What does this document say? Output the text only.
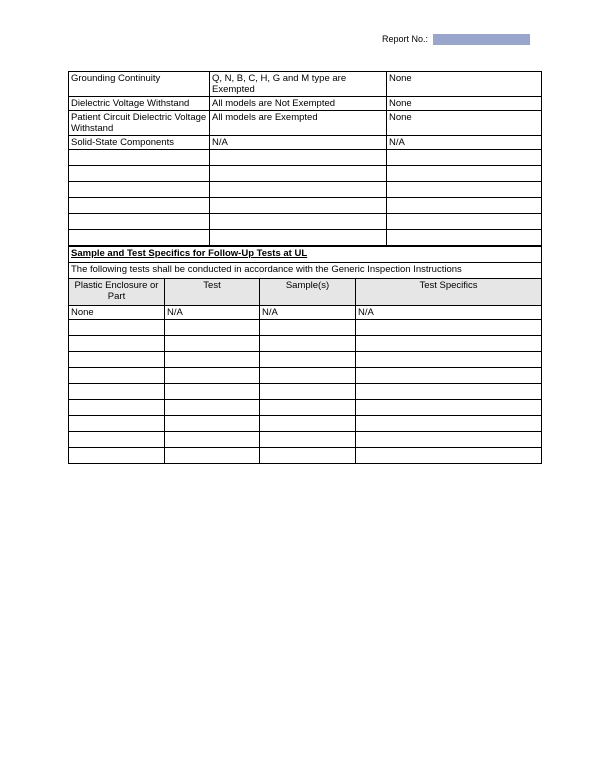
Report No.:
Grounding Continuity	Q, N, B, C, H, G and M type are Exempted	None
Dielectric Voltage Withstand	All models are Not Exempted	None
Patient Circuit Dielectric Voltage Withstand	All models are Exempted	None
Solid-State Components	N/A	N/A

Sample and Test Specifics for Follow-Up Tests at UL			
The following tests shall be conducted in accordance with the Generic Inspection Instructions			
Plastic Enclosure or Part	Test	Sample(s)	Test Specifics
None	N/A	N/A	N/A
